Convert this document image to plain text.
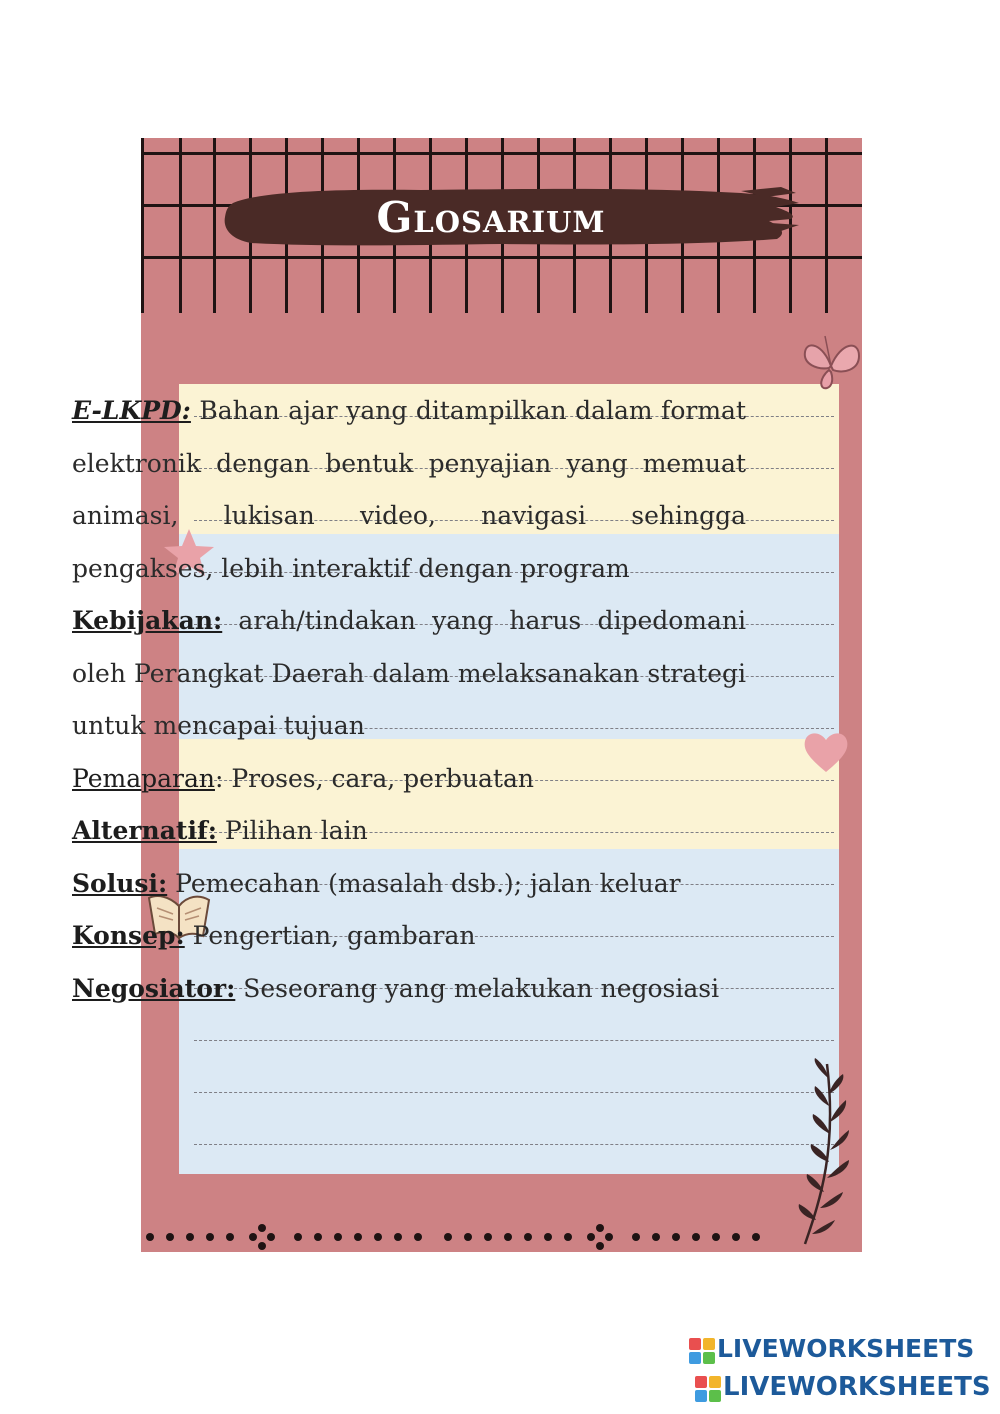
Glosarium
E-LKPD: Bahan ajar yang ditampilkan dalam format elektronik dengan bentuk penyajian yang memuat animasi, lukisan video, navigasi sehingga pengakses, lebih interaktif dengan program
Kebijakan: arah/tindakan yang harus dipedomani oleh Perangkat Daerah dalam melaksanakan strategi untuk mencapai tujuan
Pemaparan: Proses, cara, perbuatan
Alternatif: Pilihan lain
Solusi: Pemecahan (masalah dsb.); jalan keluar
Konsep: Pengertian, gambaran
Negosiator: Seseorang yang melakukan negosiasi
LIVEWORKSHEETS
LIVEWORKSHEETS
